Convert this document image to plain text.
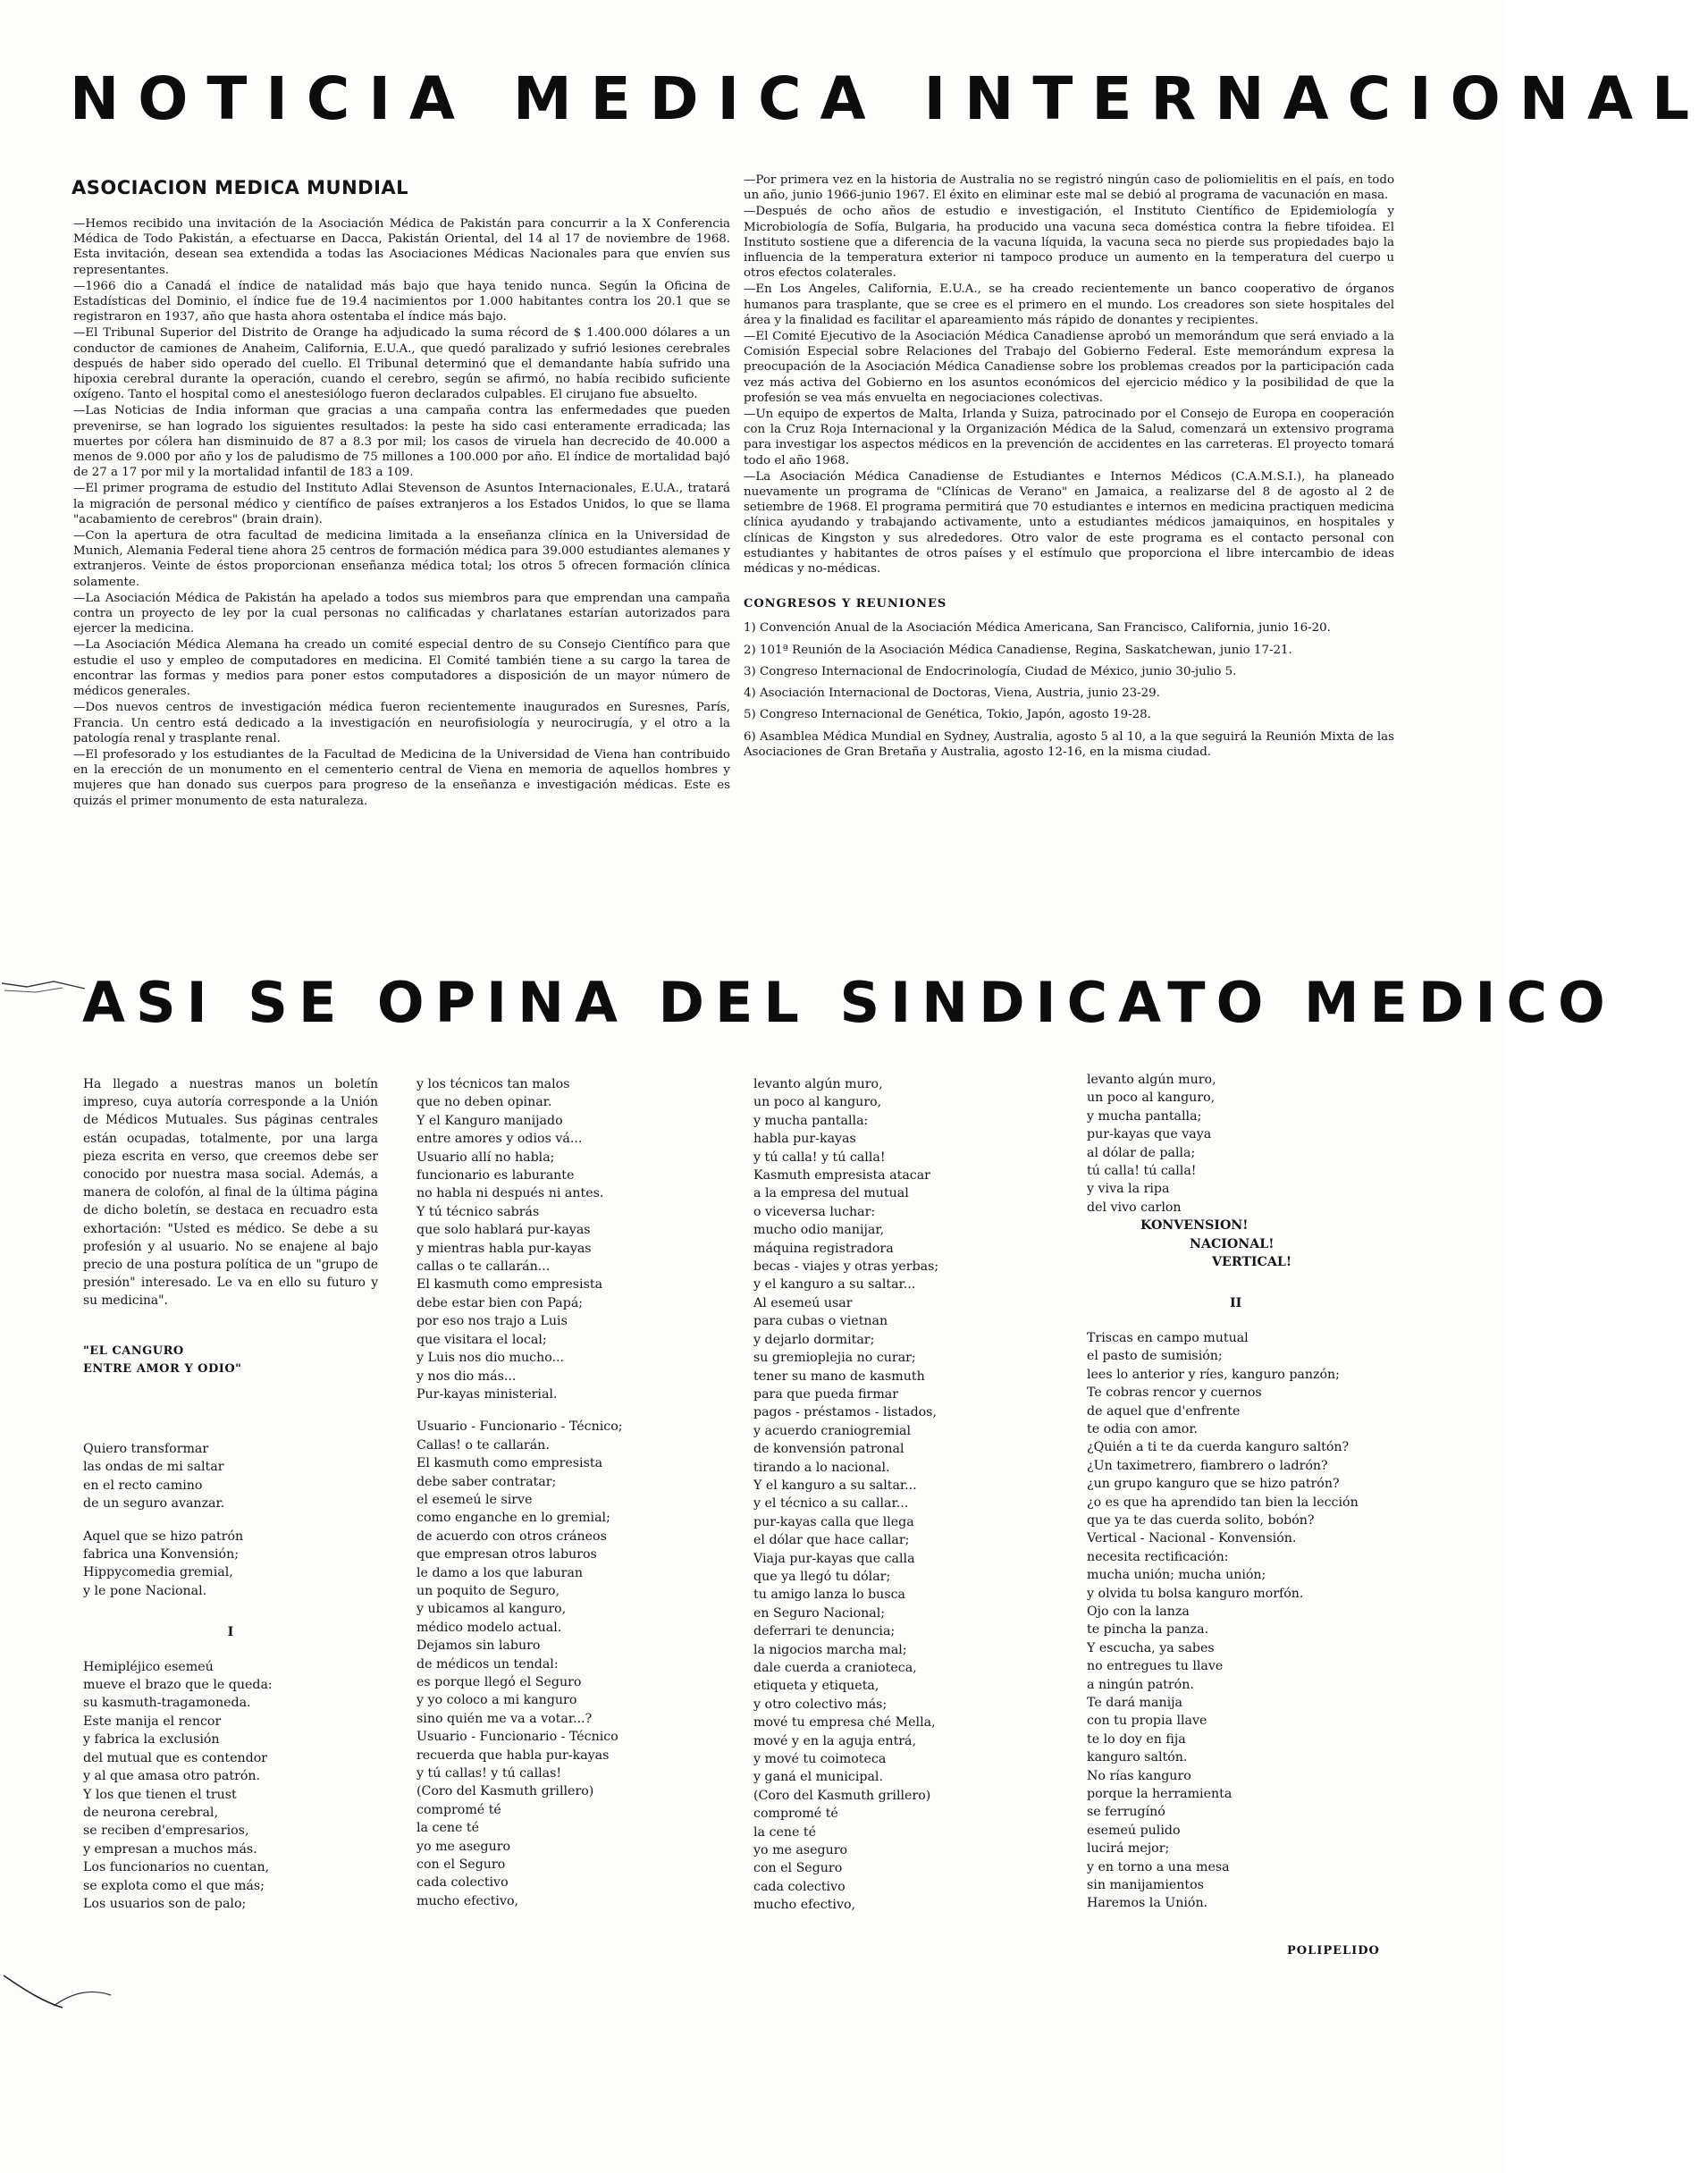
NOTICIA MEDICA INTERNACIONAL
ASOCIACION MEDICA MUNDIAL

—Hemos recibido una invitación de la Asociación Médica de Pakistán para concurrir a la X Conferencia Médica de Todo Pakistán, a efectuarse en Dacca, Pakistán Oriental, del 14 al 17 de noviembre de 1968. Esta invitación, desean sea extendida a todas las Asociaciones Médicas Nacionales para que envíen sus representantes.

—1966 dio a Canadá el índice de natalidad más bajo que haya tenido nunca. Según la Oficina de Estadísticas del Dominio, el índice fue de 19.4 nacimientos por 1.000 habitantes contra los 20.1 que se registraron en 1937, año que hasta ahora ostentaba el índice más bajo.

—El Tribunal Superior del Distrito de Orange ha adjudicado la suma récord de $ 1.400.000 dólares a un conductor de camiones de Anaheim, California, E.U.A., que quedó paralizado y sufrió lesiones cerebrales después de haber sido operado del cuello. El Tribunal determinó que el demandante había sufrido una hipoxia cerebral durante la operación, cuando el cerebro, según se afirmó, no había recibido suficiente oxígeno. Tanto el hospital como el anestesiólogo fueron declarados culpables. El cirujano fue absuelto.

—Las Noticias de India informan que gracias a una campaña contra las enfermedades que pueden prevenirse, se han logrado los siguientes resultados: la peste ha sido casi enteramente erradicada; las muertes por cólera han disminuido de 87 a 8.3 por mil; los casos de viruela han decrecido de 40.000 a menos de 9.000 por año y los de paludismo de 75 millones a 100.000 por año. El índice de mortalidad bajó de 27 a 17 por mil y la mortalidad infantil de 183 a 109.

—El primer programa de estudio del Instituto Adlai Stevenson de Asuntos Internacionales, E.U.A., tratará la migración de personal médico y científico de países extranjeros a los Estados Unidos, lo que se llama "acabamiento de cerebros" (brain drain).

—Con la apertura de otra facultad de medicina limitada a la enseñanza clínica en la Universidad de Munich, Alemania Federal tiene ahora 25 centros de formación médica para 39.000 estudiantes alemanes y extranjeros. Veinte de éstos proporcionan enseñanza médica total; los otros 5 ofrecen formación clínica solamente.

—La Asociación Médica de Pakistán ha apelado a todos sus miembros para que emprendan una campaña contra un proyecto de ley por la cual personas no calificadas y charlatanes estarían autorizados para ejercer la medicina.

—La Asociación Médica Alemana ha creado un comité especial dentro de su Consejo Científico para que estudie el uso y empleo de computadores en medicina. El Comité también tiene a su cargo la tarea de encontrar las formas y medios para poner estos computadores a disposición de un mayor número de médicos generales.

—Dos nuevos centros de investigación médica fueron recientemente inaugurados en Suresnes, París, Francia. Un centro está dedicado a la investigación en neurofisiología y neurocirugía, y el otro a la patología renal y trasplante renal.

—El profesorado y los estudiantes de la Facultad de Medicina de la Universidad de Viena han contribuido en la erección de un monumento en el cementerio central de Viena en memoria de aquellos hombres y mujeres que han donado sus cuerpos para progreso de la enseñanza e investigación médicas. Este es quizás el primer monumento de esta naturaleza.

—Por primera vez en la historia de Australia no se registró ningún caso de poliomielitis en el país, en todo un año, junio 1966-junio 1967. El éxito en eliminar este mal se debió al programa de vacunación en masa.

—Después de ocho años de estudio e investigación, el Instituto Científico de Epidemiología y Microbiología de Sofía, Bulgaria, ha producido una vacuna seca doméstica contra la fiebre tifoidea. El Instituto sostiene que a diferencia de la vacuna líquida, la vacuna seca no pierde sus propiedades bajo la influencia de la temperatura exterior ni tampoco produce un aumento en la temperatura del cuerpo u otros efectos colaterales.

—En Los Angeles, California, E.U.A., se ha creado recientemente un banco cooperativo de órganos humanos para trasplante, que se cree es el primero en el mundo. Los creadores son siete hospitales del área y la finalidad es facilitar el apareamiento más rápido de donantes y recipientes.

—El Comité Ejecutivo de la Asociación Médica Canadiense aprobó un memorándum que será enviado a la Comisión Especial sobre Relaciones del Trabajo del Gobierno Federal. Este memorándum expresa la preocupación de la Asociación Médica Canadiense sobre los problemas creados por la participación cada vez más activa del Gobierno en los asuntos económicos del ejercicio médico y la posibilidad de que la profesión se vea más envuelta en negociaciones colectivas.

—Un equipo de expertos de Malta, Irlanda y Suiza, patrocinado por el Consejo de Europa en cooperación con la Cruz Roja Internacional y la Organización Médica de la Salud, comenzará un extensivo programa para investigar los aspectos médicos en la prevención de accidentes en las carreteras. El proyecto tomará todo el año 1968.

—La Asociación Médica Canadiense de Estudiantes e Internos Médicos (C.A.M.S.I.), ha planeado nuevamente un programa de "Clínicas de Verano" en Jamaica, a realizarse del 8 de agosto al 2 de setiembre de 1968. El programa permitirá que 70 estudiantes e internos en medicina practiquen medicina clínica ayudando y trabajando activamente, unto a estudiantes médicos jamaiquinos, en hospitales y clínicas de Kingston y sus alrededores. Otro valor de este programa es el contacto personal con estudiantes y habitantes de otros países y el estímulo que proporciona el libre intercambio de ideas médicas y no-médicas.

CONGRESOS Y REUNIONES
1) Convención Anual de la Asociación Médica Americana, San Francisco, California, junio 16-20.
2) 101ª Reunión de la Asociación Médica Canadiense, Regina, Saskatchewan, junio 17-21.
3) Congreso Internacional de Endocrinología, Ciudad de México, junio 30-julio 5.
4) Asociación Internacional de Doctoras, Viena, Austria, junio 23-29.
5) Congreso Internacional de Genética, Tokio, Japón, agosto 19-28.
6) Asamblea Médica Mundial en Sydney, Australia, agosto 5 al 10, a la que seguirá la Reunión Mixta de las Asociaciones de Gran Bretaña y Australia, agosto 12-16, en la misma ciudad.
ASI SE OPINA DEL SINDICATO MEDICO
Ha llegado a nuestras manos un boletín impreso, cuya autoría corresponde a la Unión de Médicos Mutuales. Sus páginas centrales están ocupadas, totalmente, por una larga pieza escrita en verso, que creemos debe ser conocido por nuestra masa social. Además, a manera de colofón, al final de la última página de dicho boletín, se destaca en recuadro esta exhortación: "Usted es médico. Se debe a su profesión y al usuario. No se enajene al bajo precio de una postura política de un "grupo de presión" interesado. Le va en ello su futuro y su medicina".
"EL CANGURO
ENTRE AMOR Y ODIO"
Quiero transformar
las ondas de mi saltar
en el recto camino
de un seguro avanzar.
Aquel que se hizo patrón
fabrica una Konvensión;
Hippycomedia gremial,
y le pone Nacional.
I
Hemipléjico esemeú
mueve el brazo que le queda:
su kasmuth-tragamoneda.
Este manija el rencor
y fabrica la exclusión
del mutual que es contendor
y al que amasa otro patrón.
Y los que tienen el trust
de neurona cerebral,
se reciben d'empresarios,
y empresan a muchos más.
Los funcionarios no cuentan,
se explota como el que más;
Los usuarios son de palo;
y los técnicos tan malos
que no deben opinar.
Y el Kanguro manijado
entre amores y odios vá...
Usuario allí no habla;
funcionario es laburante
no habla ni después ni antes.
Y tú técnico sabrás
que solo hablará pur-kayas
y mientras habla pur-kayas
callas o te callarán...
El kasmuth como empresista
debe estar bien con Papá;
por eso nos trajo a Luis
que visitara el local;
y Luis nos dio mucho...
y nos dio más...
Pur-kayas ministerial.
Usuario - Funcionario - Técnico;
Callas! o te callarán.
El kasmuth como empresista
debe saber contratar;
el esemeú le sirve
como enganche en lo gremial;
de acuerdo con otros cráneos
que empresan otros laburos
le damo a los que laburan
un poquito de Seguro,
y ubicamos al kanguro,
médico modelo actual.
Dejamos sin laburo
de médicos un tendal:
es porque llegó el Seguro
y yo coloco a mi kanguro
sino quién me va a votar...?
Usuario - Funcionario - Técnico
recuerda que habla pur-kayas
y tú callas! y tú callas!
(Coro del Kasmuth grillero)
compromé té
la cene té
yo me aseguro
con el Seguro
cada colectivo
mucho efectivo,
levanto algún muro,
un poco al kanguro,
y mucha pantalla:
habla pur-kayas
y tú calla! y tú calla!
Kasmuth empresista atacar
a la empresa del mutual
o viceversa luchar:
mucho odio manijar,
máquina registradora
becas - viajes y otras yerbas;
y el kanguro a su saltar...
Al esemeú usar
para cubas o vietnan
y dejarlo dormitar;
su gremioplejia no curar;
tener su mano de kasmuth
para que pueda firmar
pagos - préstamos - listados,
y acuerdo craniogremial
de konvensión patronal
tirando a lo nacional.
Y el kanguro a su saltar...
y el técnico a su callar...
pur-kayas calla que llega
el dólar que hace callar;
Viaja pur-kayas que calla
que ya llegó tu dólar;
tu amigo lanza lo busca
en Seguro Nacional;
deferrari te denuncia;
la nigocios marcha mal;
dale cuerda a cranioteca,
etiqueta y etiqueta,
y otro colectivo más;
mové tu empresa ché Mella,
mové y en la aguja entrá,
y mové tu coimoteca
y ganá el municipal.
(Coro del Kasmuth grillero)
compromé té
la cene té
yo me aseguro
con el Seguro
cada colectivo
mucho efectivo,
levanto algún muro,
un poco al kanguro,
y mucha pantalla;
pur-kayas que vaya
al dólar de palla;
tú calla! tú calla!
y viva la ripa
del vivo carlon
KONVENSION!
NACIONAL!
VERTICAL!
II
Triscas en campo mutual
el pasto de sumisión;
lees lo anterior y ríes, kanguro panzón;
Te cobras rencor y cuernos
de aquel que d'enfrente
te odia con amor.
¿Quién a ti te da cuerda kanguro saltón?
¿Un taximetrero, fiambrero o ladrón?
¿un grupo kanguro que se hizo patrón?
¿o es que ha aprendido tan bien la lección
que ya te das cuerda solito, bobón?
Vertical - Nacional - Konvensión.
necesita rectificación:
mucha unión; mucha unión;
y olvida tu bolsa kanguro morfón.
Ojo con la lanza
te pincha la panza.
Y escucha, ya sabes
no entregues tu llave
a ningún patrón.
Te dará manija
con tu propia llave
te lo doy en fija
kanguro saltón.
No rías kanguro
porque la herramienta
se ferrugínó
esemeú pulido
lucirá mejor;
y en torno a una mesa
sin manijamientos
Haremos la Unión.
POLIPELIDO
